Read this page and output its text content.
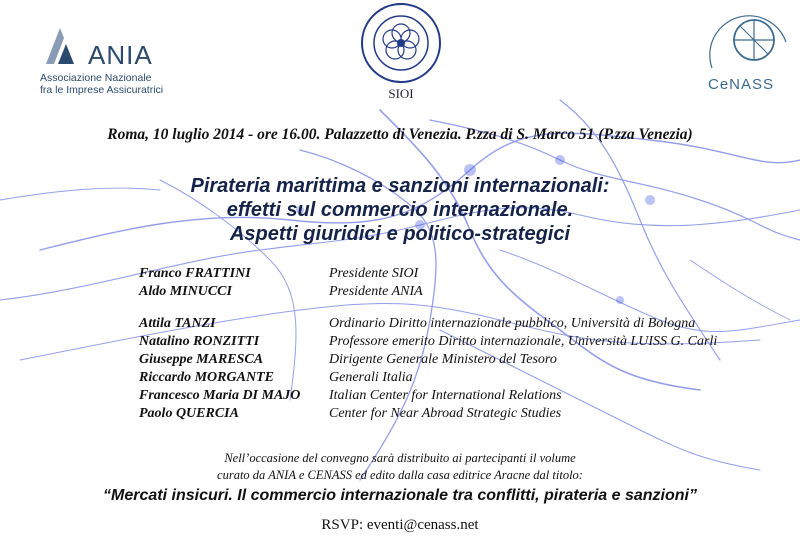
ANIA
Associazione Nazionale
fra le Imprese Assicuratrici	SIOI
CeNASS
Roma, 10 luglio 2014 - ore 16.00. Palazzetto di Venezia. P.zza di S. Marco 51 (P.zza Venezia)
Pirateria marittima e sanzioni internazionali:
effetti sul commercio internazionale.
Aspetti giuridici e politico-strategici
Franco FRATTINI	Presidente SIOI
Aldo MINUCCI	Presidente ANIA
Attila TANZI	Ordinario Diritto internazionale pubblico, Università di Bologna
Natalino RONZITTI	Professore emerito Diritto internazionale, Università LUISS G. Carli
Giuseppe MARESCA	Dirigente Generale Ministero del Tesoro
Riccardo MORGANTE	Generali Italia
Francesco Maria DI MAJO Italian Center for International Relations
Paolo QUERCIA	Center for Near Abroad Strategic Studies
Nell’occasione del convegno sarà distribuito ai partecipanti il volume
curato da ANIA e CENASS ed edito dalla casa editrice Aracne dal titolo:
“Mercati insicuri. Il commercio internazionale tra conflitti, pirateria e sanzioni”
RSVP: eventi@cenass.net
